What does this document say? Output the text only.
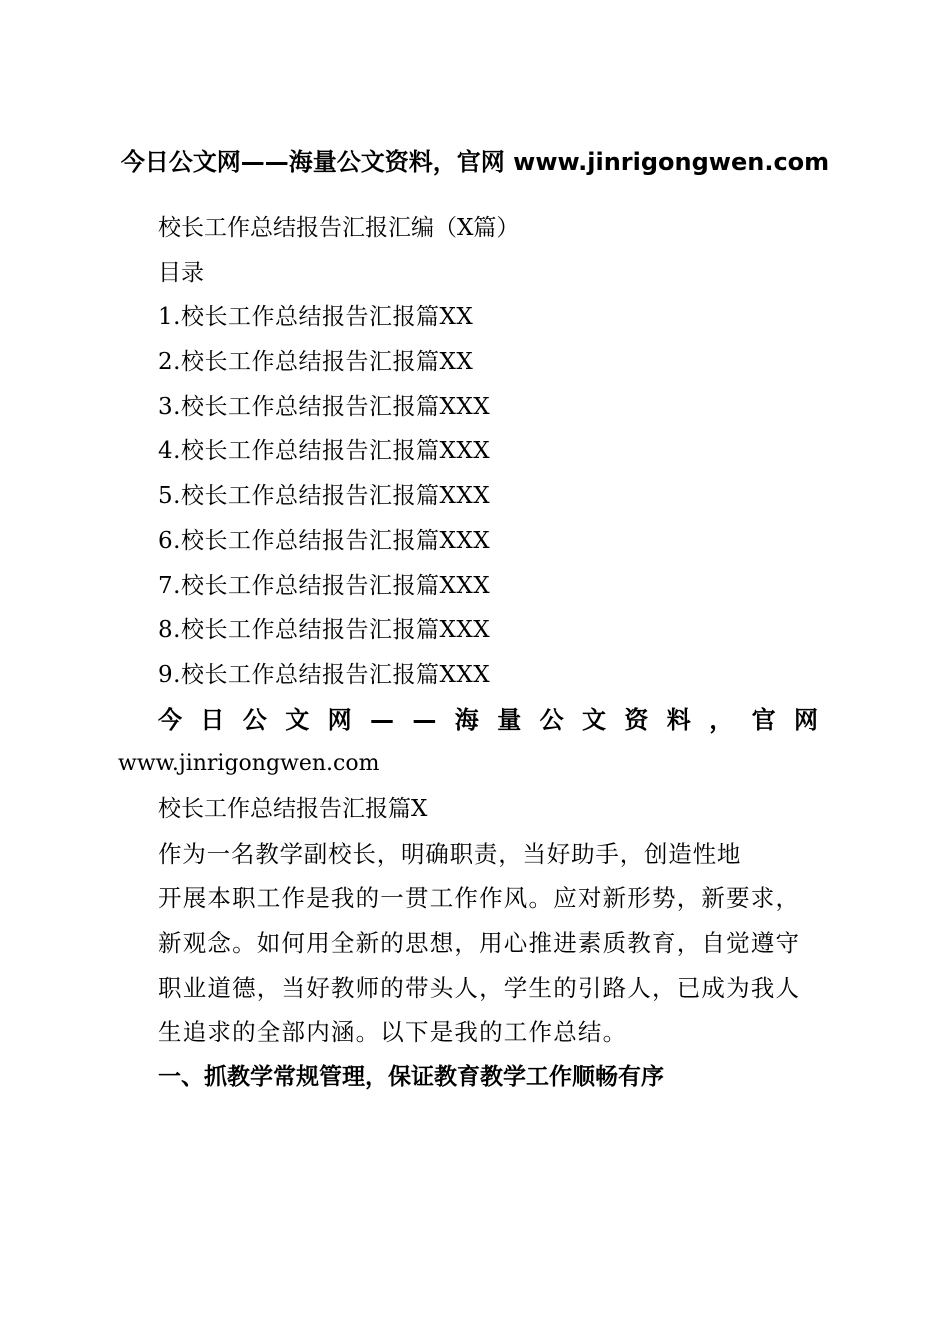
今日公文网——海量公文资料，官网 www.jinrigongwen.com
校长工作总结报告汇报汇编（X篇）
目录
1.校长工作总结报告汇报篇XX
2.校长工作总结报告汇报篇XX
3.校长工作总结报告汇报篇XXX
4.校长工作总结报告汇报篇XXX
5.校长工作总结报告汇报篇XXX
6.校长工作总结报告汇报篇XXX
7.校长工作总结报告汇报篇XXX
8.校长工作总结报告汇报篇XXX
9.校长工作总结报告汇报篇XXX
今日公文网——海量公文资料，官网
www.jinrigongwen.com
校长工作总结报告汇报篇X
作为一名教学副校长，明确职责，当好助手，创造性地
开展本职工作是我的一贯工作作风。应对新形势，新要求，
新观念。如何用全新的思想，用心推进素质教育，自觉遵守
职业道德，当好教师的带头人，学生的引路人，已成为我人
生追求的全部内涵。以下是我的工作总结。
一、抓教学常规管理，保证教育教学工作顺畅有序
